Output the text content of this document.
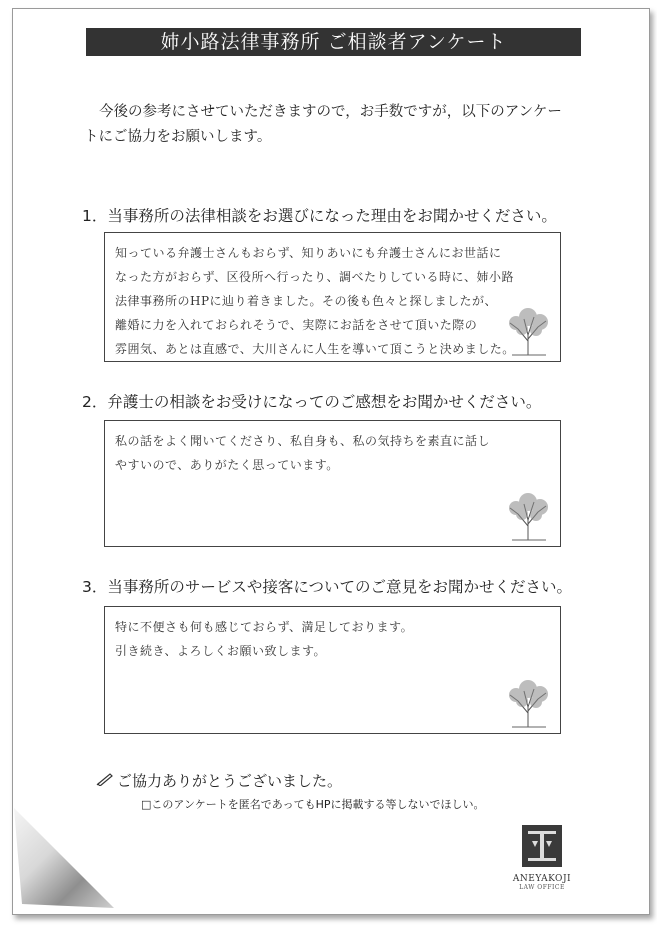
姉小路法律事務所 ご相談者アンケート
今後の参考にさせていただきますので，お手数ですが，以下のアンケー
トにご協力をお願いします。
1．当事務所の法律相談をお選びになった理由をお聞かせください。
知っている弁護士さんもおらず、知りあいにも弁護士さんにお世話に
なった方がおらず、区役所へ行ったり、調べたりしている時に、姉小路
法律事務所のHPに辿り着きました。その後も色々と探しましたが、
離婚に力を入れておられそうで、実際にお話をさせて頂いた際の
雰囲気、あとは直感で、大川さんに人生を導いて頂こうと決めました。
2．弁護士の相談をお受けになってのご感想をお聞かせください。
私の話をよく聞いてくださり、私自身も、私の気持ちを素直に話し
やすいので、ありがたく思っています。
3．当事務所のサービスや接客についてのご意見をお聞かせください。
特に不便さも何も感じておらず、満足しております。
引き続き、よろしくお願い致します。
ご協力ありがとうございました。
□このアンケートを匿名であってもHPに掲載する等しないでほしい。
ANEYAKOJI
LAW OFFICE
